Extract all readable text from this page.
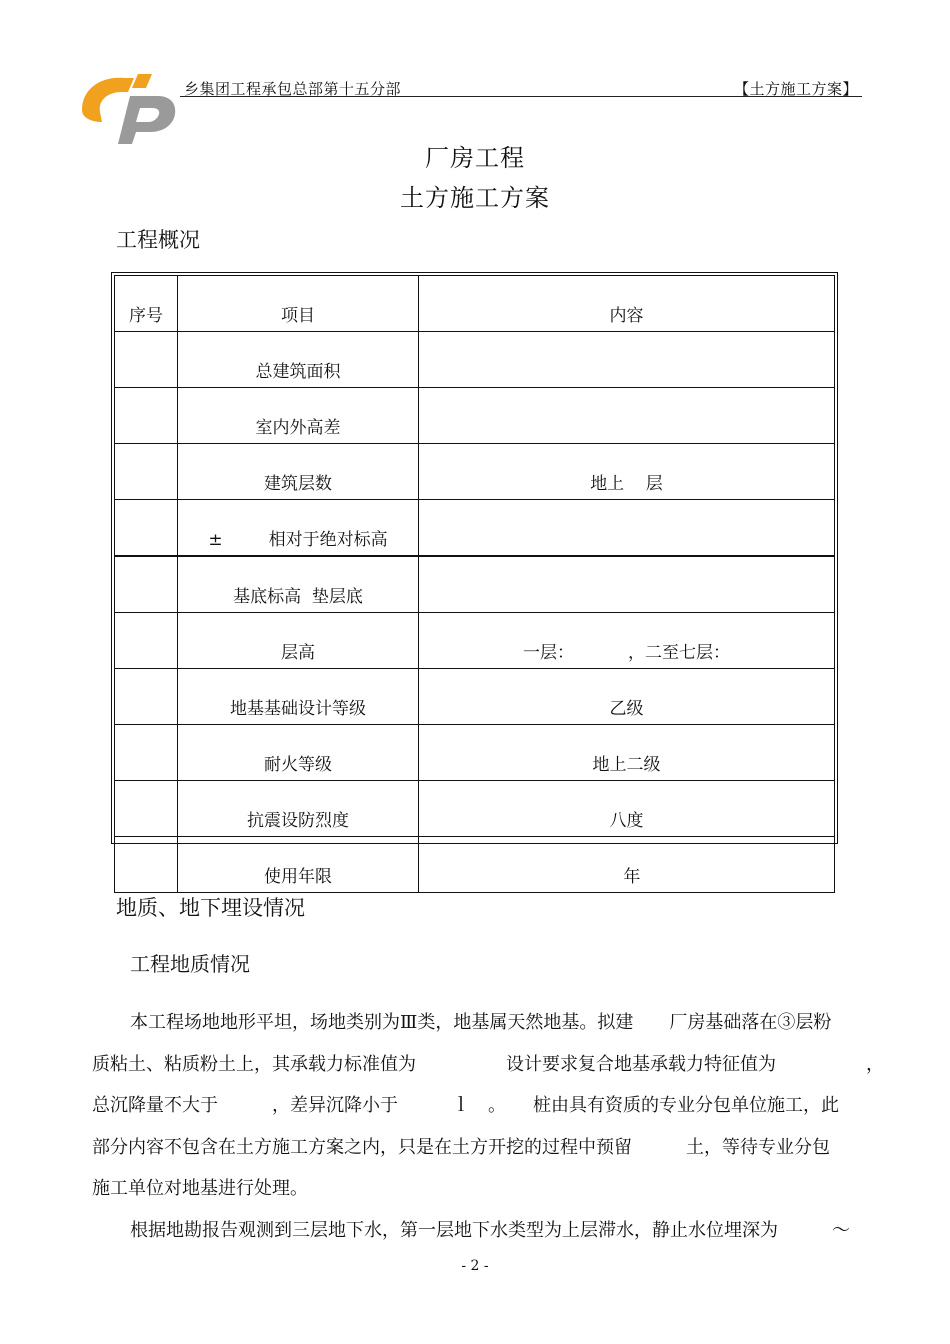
乡集团工程承包总部第十五分部	【土方施工方案】
厂房工程
土方施工方案
工程概况
序号	项目	内容
	总建筑面积	
	室内外高差	
	建筑层数	地上    层
	± 相对于绝对标高	
	基底标高  垫层底	
	层高	一层：          ，二至七层：
	地基基础设计等级	乙级
	耐火等级	地上二级
	抗震设防烈度	八度
	使用年限	年
地质、地下埋设情况
工程地质情况

本工程场地地形平坦，场地类别为Ⅲ类，地基属天然地基。拟建　　厂房基础落在③层粉

质粘土、粘质粉土上，其承载力标准值为　　　　　设计要求复合地基承载力特征值为　　　　　，

总沉降量不大于　　　，差异沉降小于　　　ｌ　。　　桩由具有资质的专业分包单位施工，此

部分内容不包含在土方施工方案之内，只是在土方开挖的过程中预留　　　土，等待专业分包

施工单位对地基进行处理。

根据地勘报告观测到三层地下水，第一层地下水类型为上层滞水，静止水位埋深为　　　～

- 2 -
